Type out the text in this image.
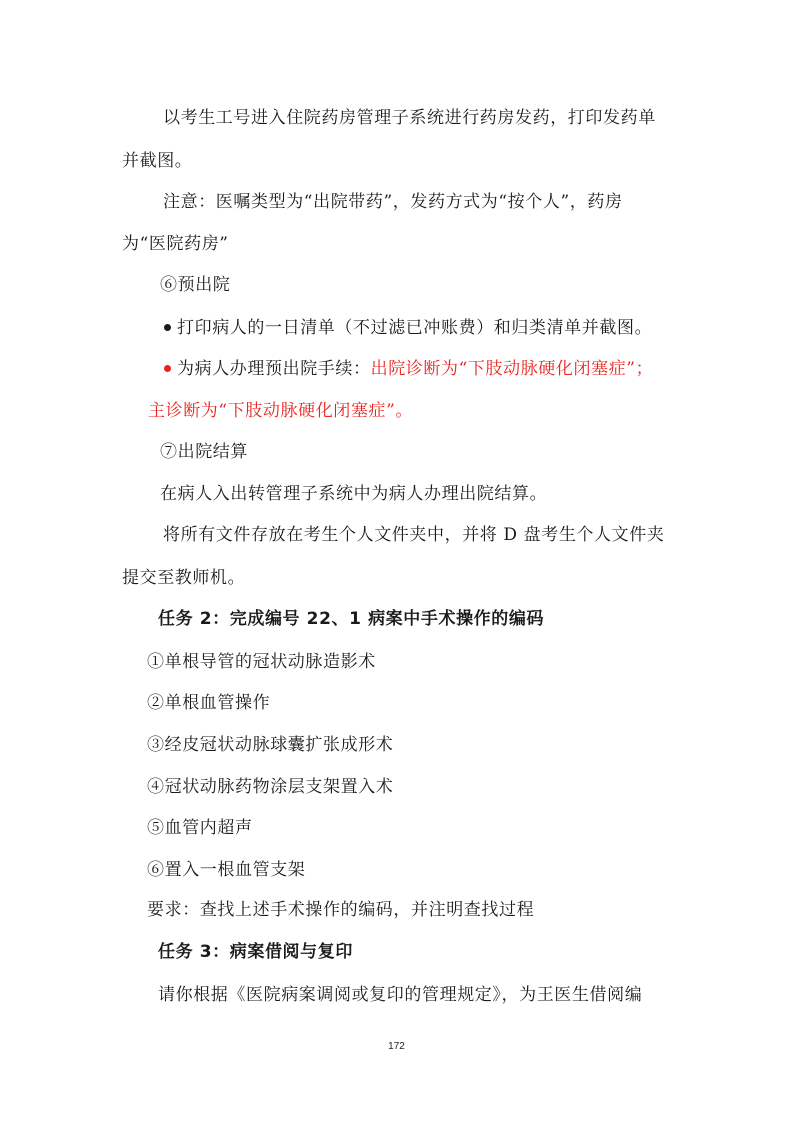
以考生工号进入住院药房管理子系统进行药房发药，打印发药单
并截图。
注意：医嘱类型为“出院带药”，发药方式为“按个人”，药房
为“医院药房”
⑥预出院
打印病人的一日清单（不过滤已冲账费）和归类清单并截图。
为病人办理预出院手续：出院诊断为“下肢动脉硬化闭塞症”；
主诊断为“下肢动脉硬化闭塞症”。
⑦出院结算
在病人入出转管理子系统中为病人办理出院结算。
将所有文件存放在考生个人文件夹中，并将 D 盘考生个人文件夹
提交至教师机。
任务 2：完成编号 22、1 病案中手术操作的编码
①单根导管的冠状动脉造影术
②单根血管操作
③经皮冠状动脉球囊扩张成形术
④冠状动脉药物涂层支架置入术
⑤血管内超声
⑥置入一根血管支架
要求：查找上述手术操作的编码，并注明查找过程
任务 3：病案借阅与复印
请你根据《医院病案调阅或复印的管理规定》，为王医生借阅编
172
